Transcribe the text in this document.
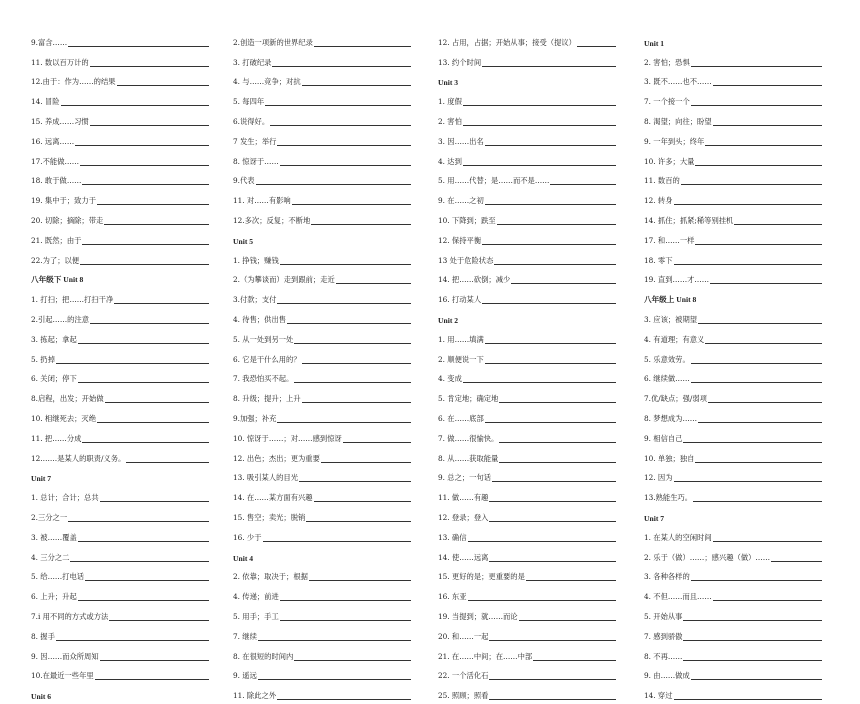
9.富含……
11. 数以百万计的
12.由于：作为……的结果
14. 冒险
15. 养成……习惯
16. 远离……
17.不能做……
18. 敢于做……
19. 集中于；致力于
20. 切除；摘除；带走
21. 既然；由于
22.为了；以便
八年级下 Unit 8
1. 打扫；把……打扫干净
2.引起……的注意
3. 拣起；拿起
5. 扔掉
6. 关闭；停下
8.启程，出发；开始做
10. 相继死去；灭绝
11. 把……分成
12.……是某人的职责/义务。
Unit 7
1. 总计；合计；总共
2.三分之一
3. 被……覆盖
4. 三分之二
5. 给……打电话
6. 上升；升起
7.i 用不同的方式或方法
8. 握手
9. 因……而众所周知
10.在最近一些年里
Unit 6
2.创造一项新的世界纪录
3. 打破纪录
4. 与……竞争；对抗
5. 每四年
6.说得好。
7 发生；举行
8. 惊讶于……
9.代表
11. 对……有影响
12.多次；反复；不断地
Unit 5
1. 挣钱；赚钱
2.（为攀谈而）走到跟前；走近
3.付款；支付
4. 待售；供出售
5. 从一处到另一处
6. 它是干什么用的？
7. 我恐怕买不起。
8. 升级；提升；上升
9.加强；补充
10. 惊讶于……；对……感到惊讶
12. 出色；杰出；更为重要
13. 吸引某人的目光
14. 在……某方面有兴趣
15. 售空；卖光；脱销
16. 少于
Unit 4
2. 依靠；取决于；根据
4. 传递；前进
5. 用手；手工
7. 继续
8. 在很短的时间内
9. 遥远
11. 除此之外
12. 占用，占据；开始从事；接受（提议）
13. 约个时间
Unit 3
1. 度假
2. 害怕
3. 因……出名
4. 达到
5. 用……代替；是……而不是……
9. 在……之初
10. 下降到；跌至
12. 保持平衡
13 处于危险状态
14. 把……砍倒；减少
16. 打动某人
Unit 2
1. 用……填满
2. 顺便说一下
4. 变成
5. 肯定地；确定地
6. 在……底部
7. 做……很愉快。
8. 从……获取能量
9. 总之；一句话
11. 做……有趣
12. 登录；登入
13. 确信
14. 使……远离
15. 更好的是；更重要的是
16. 东亚
19. 当提到；就……而论
20. 和……一起
21. 在……中间；在……中部
22. 一个活化石
25. 照顾；照看
Unit 1
2. 害怕；恐惧
3. 既不……也不……
7. 一个接一个
8. 渴望；向往；盼望
9. 一年到头；终年
10. 许多；大量
11. 数百的
12. 转身
14. 抓住；抓紧;稀等别挂机
17. 和……一样
18. 零下
19. 直到……才……
八年级上 Unit 8
3. 应该；被期望
4. 有道理；有意义
5. 乐意效劳。
6. 继续做……
7.优/缺点；强/弱项
8. 梦想成为……
9. 相信自己
10. 单独；独自
12. 因为
13.熟能生巧。
Unit 7
1. 在某人的空闲时间
2. 乐于（做）……；感兴趣（做）……
3. 各种各样的
4. 不但……而且……
5. 开始从事
7. 感到骄傲
8. 不再……
9. 由……做成
14. 穿过
